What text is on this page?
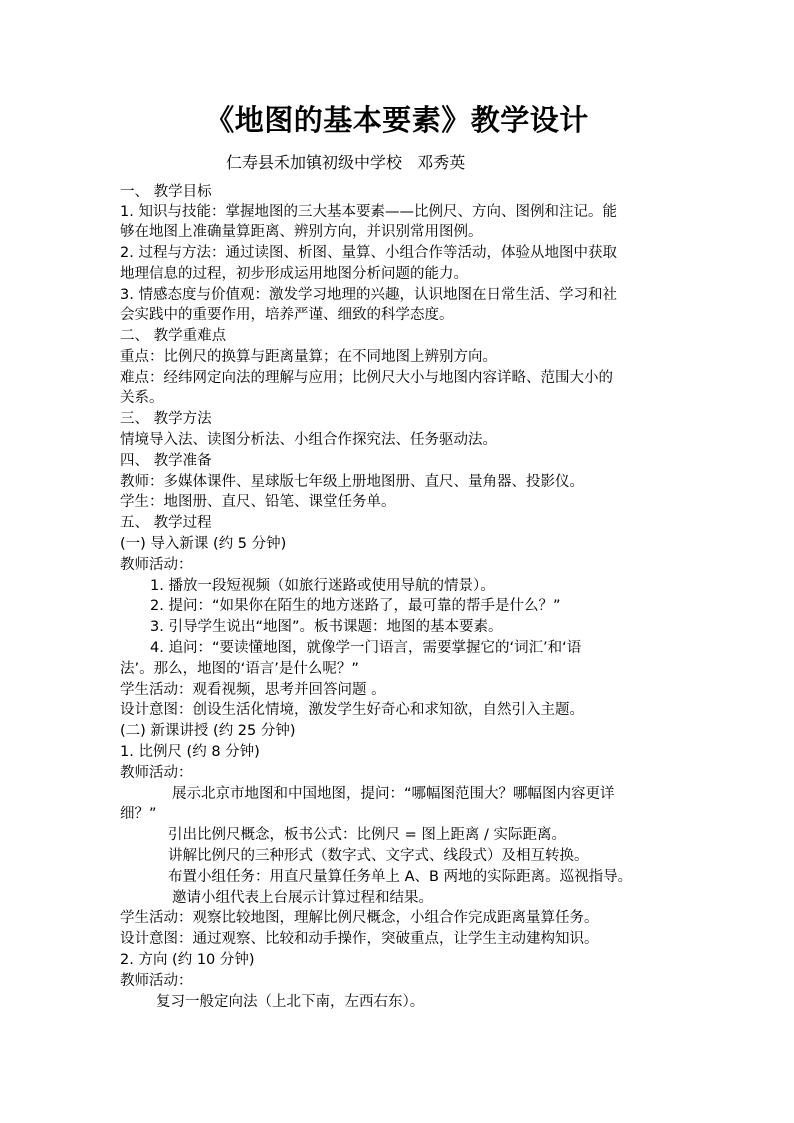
《地图的基本要素》教学设计
仁寿县禾加镇初级中学校   邓秀英
一、 教学目标
1. 知识与技能：掌握地图的三大基本要素——比例尺、方向、图例和注记。能
够在地图上准确量算距离、辨别方向，并识别常用图例。
2. 过程与方法：通过读图、析图、量算、小组合作等活动，体验从地图中获取
地理信息的过程，初步形成运用地图分析问题的能力。
3. 情感态度与价值观：激发学习地理的兴趣，认识地图在日常生活、学习和社
会实践中的重要作用，培养严谨、细致的科学态度。
二、 教学重难点
重点：比例尺的换算与距离量算；在不同地图上辨别方向。
难点：经纬网定向法的理解与应用；比例尺大小与地图内容详略、范围大小的
关系。
三、 教学方法
情境导入法、读图分析法、小组合作探究法、任务驱动法。
四、 教学准备
教师：多媒体课件、星球版七年级上册地图册、直尺、量角器、投影仪。
学生：地图册、直尺、铅笔、课堂任务单。
五、 教学过程
(一) 导入新课 (约 5 分钟)
教师活动：
1. 播放一段短视频（如旅行迷路或使用导航的情景）。
2. 提问：“如果你在陌生的地方迷路了，最可靠的帮手是什么？”
3. 引导学生说出“地图”。板书课题：地图的基本要素。
4. 追问：“要读懂地图，就像学一门语言，需要掌握它的‘词汇’和‘语
法’。那么，地图的‘语言’是什么呢？”
学生活动：观看视频，思考并回答问题 。
设计意图：创设生活化情境，激发学生好奇心和求知欲，自然引入主题。
(二) 新课讲授 (约 25 分钟)
1. 比例尺 (约 8 分钟)
教师活动：
展示北京市地图和中国地图，提问：“哪幅图范围大？哪幅图内容更详
细？”
引出比例尺概念，板书公式：比例尺 = 图上距离 / 实际距离。
讲解比例尺的三种形式（数字式、文字式、线段式）及相互转换。
布置小组任务：用直尺量算任务单上 A、B 两地的实际距离。巡视指导。
邀请小组代表上台展示计算过程和结果。
学生活动：观察比较地图，理解比例尺概念，小组合作完成距离量算任务。
设计意图：通过观察、比较和动手操作，突破重点，让学生主动建构知识。
2. 方向 (约 10 分钟)
教师活动：
复习一般定向法（上北下南，左西右东）。
